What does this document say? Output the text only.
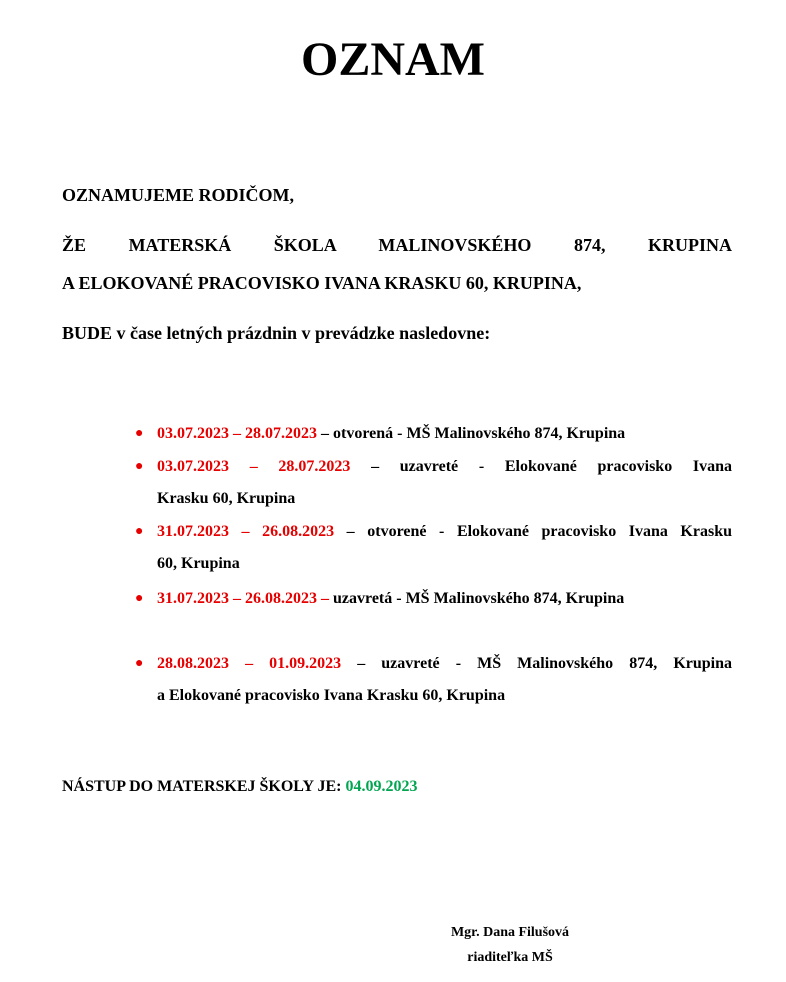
OZNAM

OZNAMUJEME RODIČOM,

ŽE MATERSKÁ ŠKOLA MALINOVSKÉHO 874, KRUPINA

A ELOKOVANÉ PRACOVISKO IVANA KRASKU 60, KRUPINA,

BUDE v čase letných prázdnin v prevádzke nasledovne:

● 03.07.2023 – 28.07.2023 – otvorená - MŠ Malinovského 874, Krupina
● 03.07.2023 – 28.07.2023 – uzavreté - Elokované pracovisko Ivana
Krasku 60, Krupina
● 31.07.2023 – 26.08.2023 – otvorené - Elokované pracovisko Ivana Krasku
60, Krupina
● 31.07.2023 – 26.08.2023 – uzavretá - MŠ Malinovského 874, Krupina
● 28.08.2023 – 01.09.2023 – uzavreté - MŠ Malinovského 874, Krupina
a Elokované pracovisko Ivana Krasku 60, Krupina

NÁSTUP DO MATERSKEJ ŠKOLY JE: 04.09.2023

Mgr. Dana Filušová
riaditeľka MŠ
